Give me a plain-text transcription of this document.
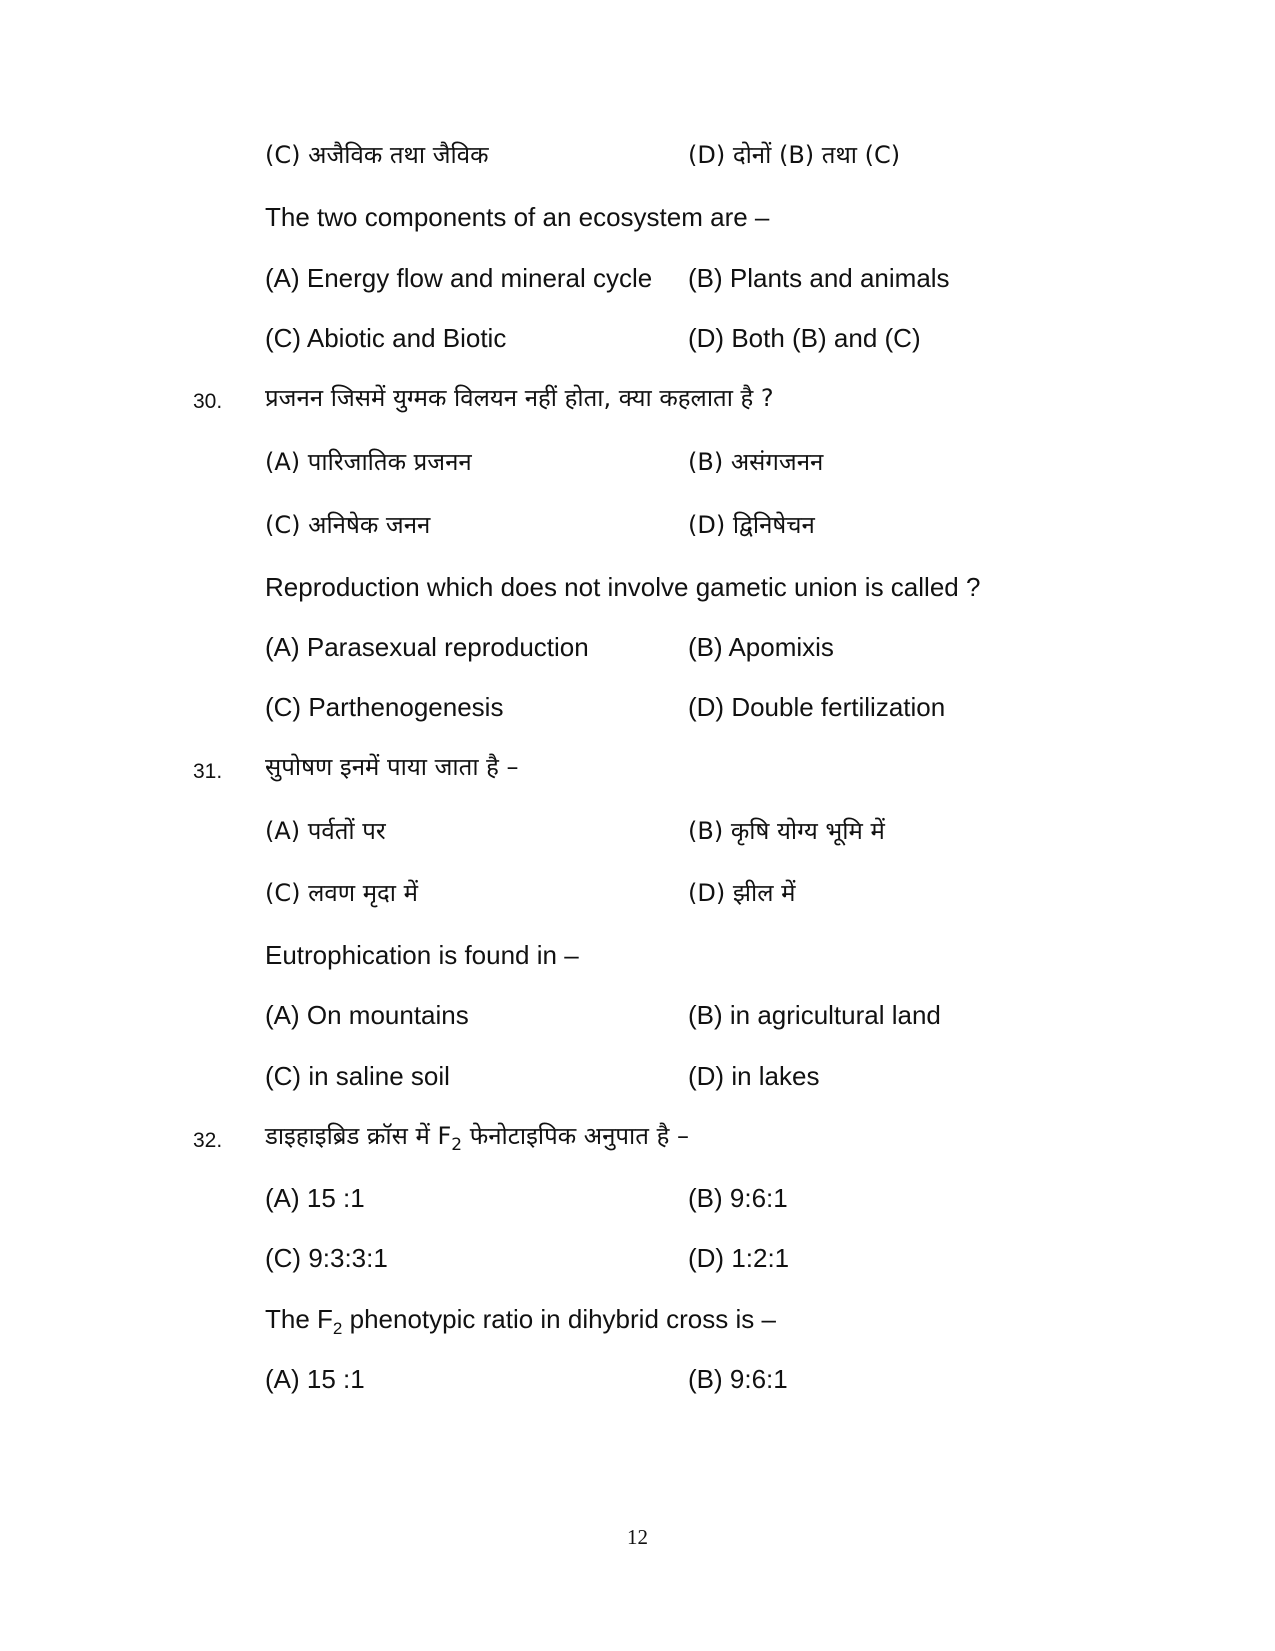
(C) अजैविक तथा जैविक	(D) दोनों (B) तथा (C)
The two components of an ecosystem are –
(A) Energy flow and mineral cycle (B) Plants and animals
(C) Abiotic and Biotic	(D) Both (B) and (C)
30. प्रजनन जिसमें युग्मक विलयन नहीं होता, क्या कहलाता है ?
(A) पारिजातिक प्रजनन	(B) असंगजनन
(C) अनिषेक जनन	(D) द्विनिषेचन
Reproduction which does not involve gametic union is called ?
(A) Parasexual reproduction	(B) Apomixis
(C) Parthenogenesis	(D) Double fertilization
31. सुपोषण इनमें पाया जाता है –
(A) पर्वतों पर	(B) कृषि योग्य भूमि में
(C) लवण मृदा में	(D) झील में
Eutrophication is found in –
(A) On mountains	(B) in agricultural land
(C) in saline soil	(D) in lakes
32. डाइहाइब्रिड क्रॉस में $F_2$ फेनोटाइपिक अनुपात है –
(A) 15 :1	(B) 9:6:1
(C) 9:3:3:1	(D) 1:2:1
The $F_2$ phenotypic ratio in dihybrid cross is –
(A) 15 :1	(B) 9:6:1
12
